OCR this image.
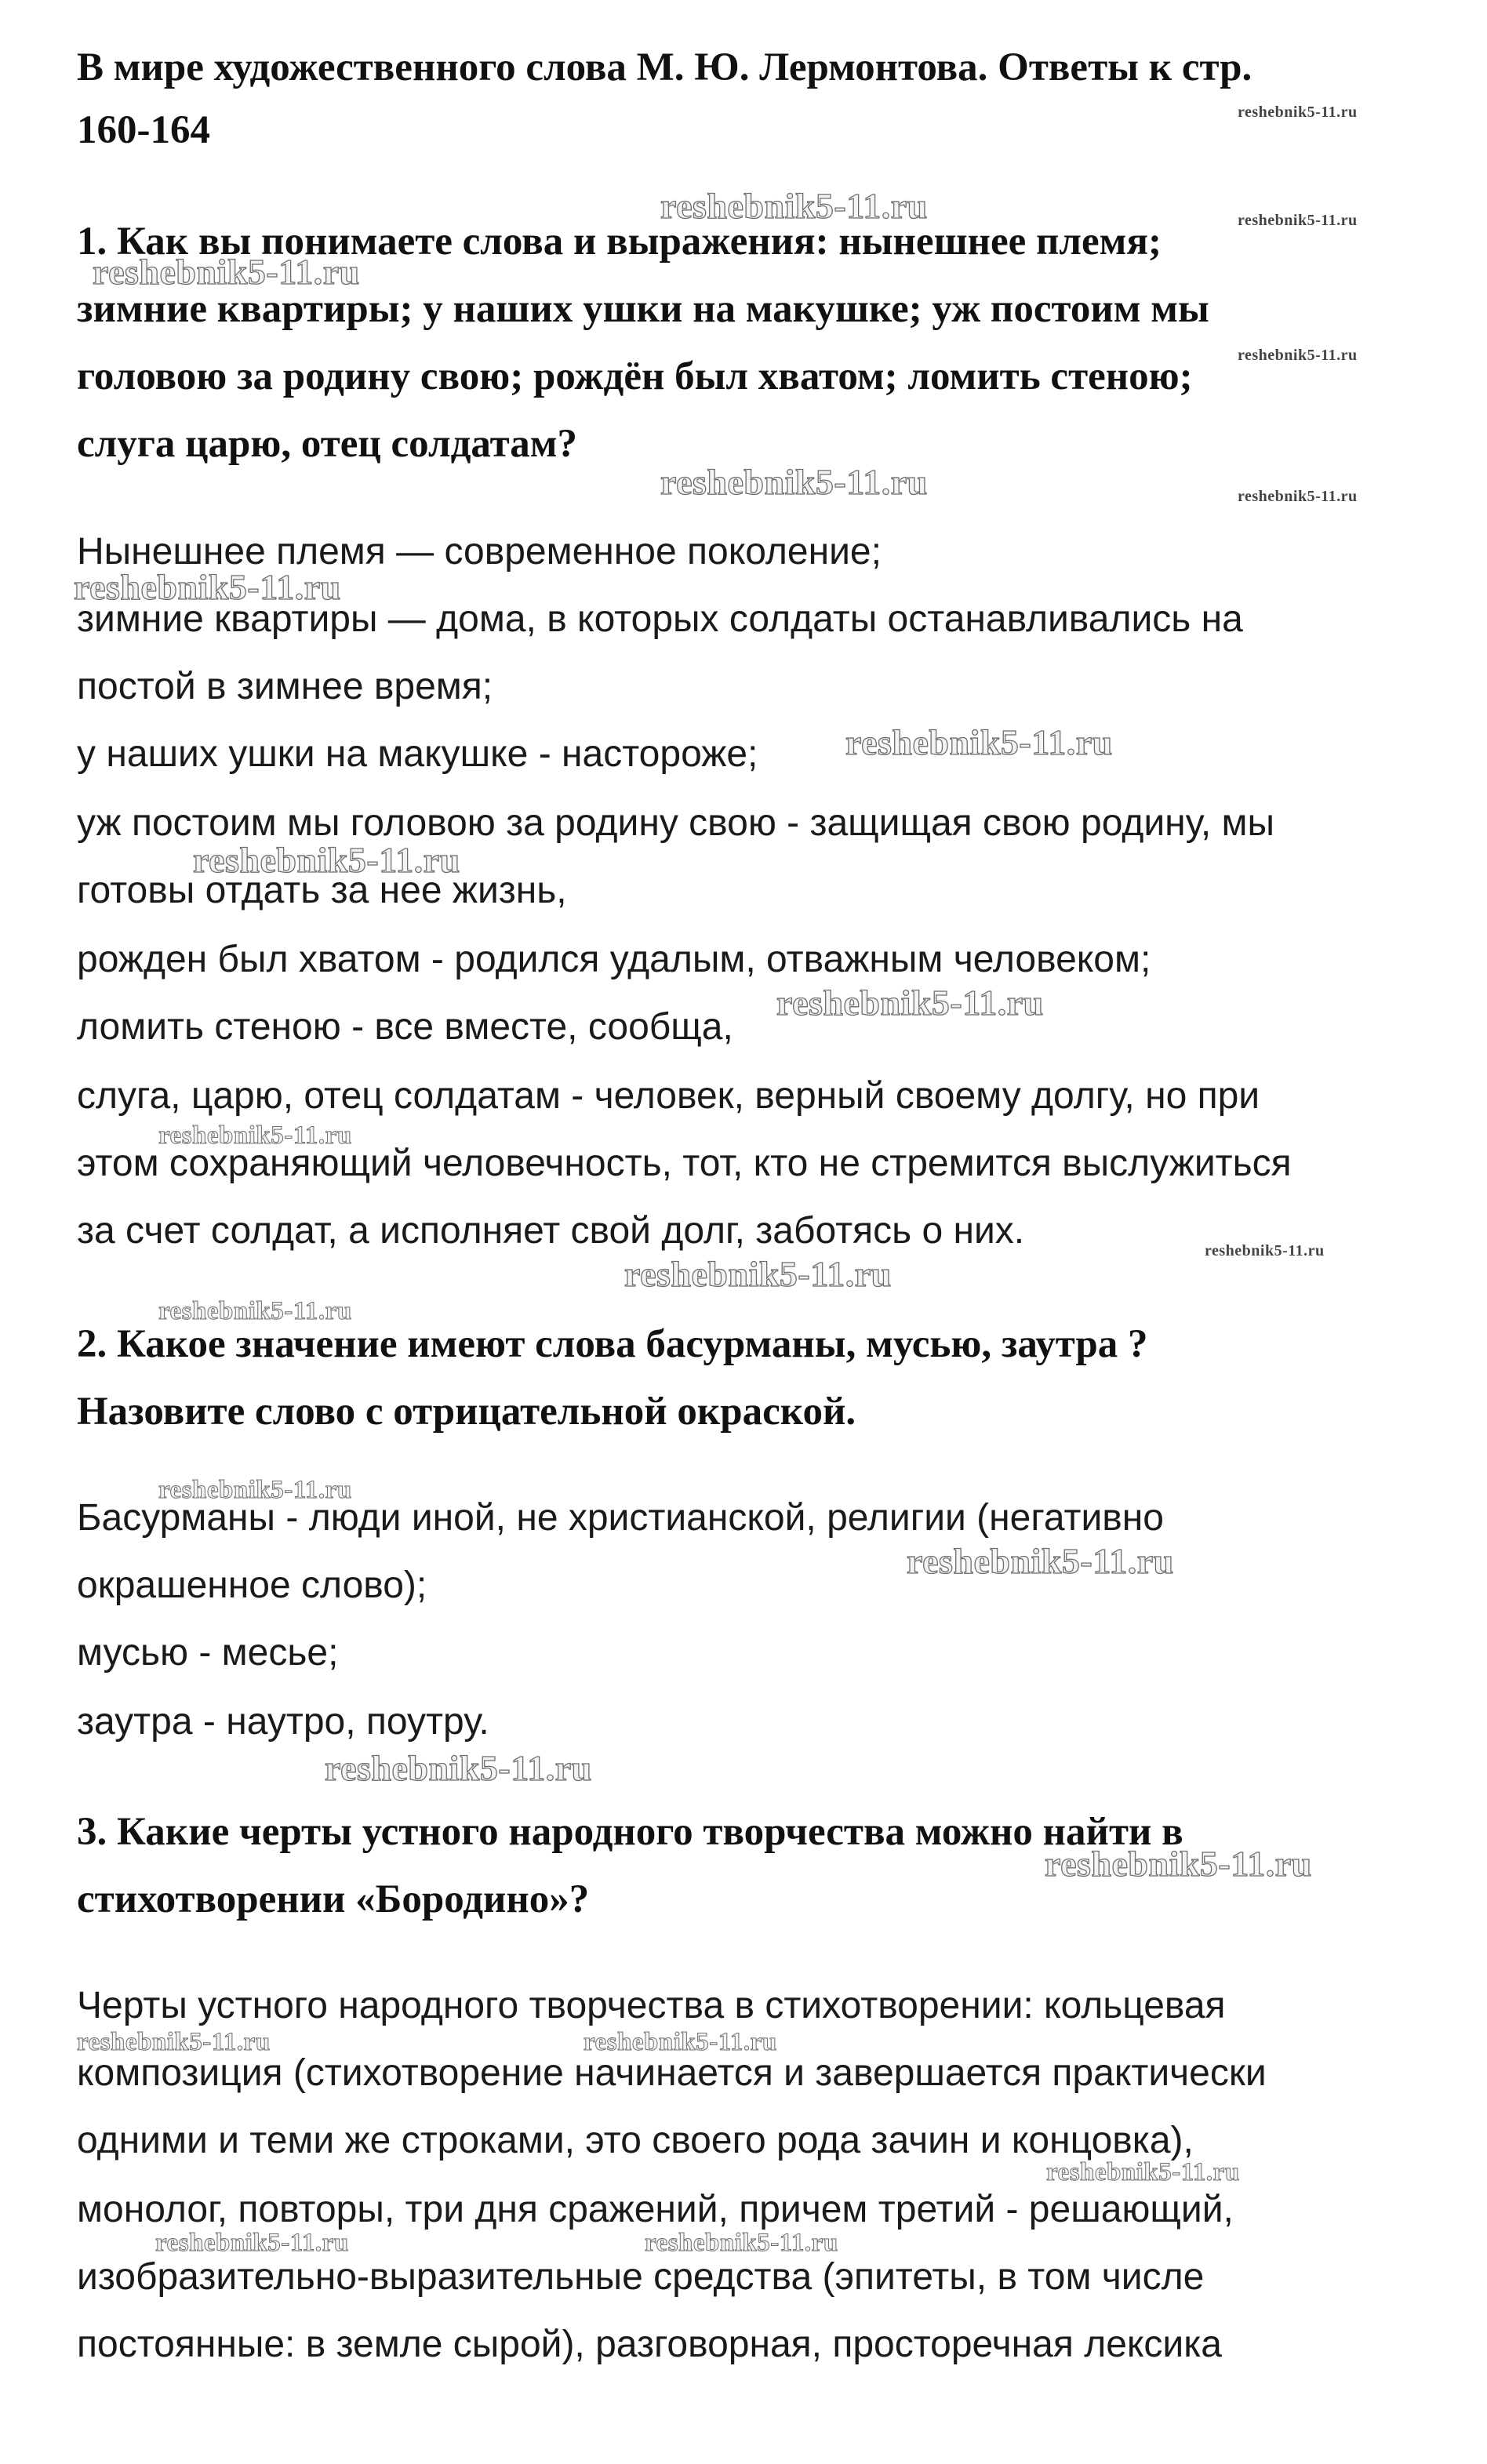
В мире художественного слова М. Ю. Лермонтова. Ответы к стр.
160-164
1. Как вы понимаете слова и выражения: нынешнее племя;
зимние квартиры; у наших ушки на макушке; уж постоим мы
головою за родину свою; рождён был хватом; ломить стеною;
слуга царю, отец солдатам?
Нынешнее племя — современное поколение;
зимние квартиры — дома, в которых солдаты останавливались на
постой в зимнее время;
у наших ушки на макушке - настороже;
уж постоим мы головою за родину свою - защищая свою родину, мы
готовы отдать за нее жизнь,
рожден был хватом - родился удалым, отважным человеком;
ломить стеною - все вместе, сообща,
слуга, царю, отец солдатам - человек, верный своему долгу, но при
этом сохраняющий человечность, тот, кто не стремится выслужиться
за счет солдат, а исполняет свой долг, заботясь о них.
2. Какое значение имеют слова басурманы, мусью, заутра ?
Назовите слово с отрицательной окраской.
Басурманы - люди иной, не христианской, религии (негативно
окрашенное слово);
мусью - месье;
заутра - наутро, поутру.
3. Какие черты устного народного творчества можно найти в
стихотворении «Бородино»?
Черты устного народного творчества в стихотворении: кольцевая
композиция (стихотворение начинается и завершается практически
одними и теми же строками, это своего рода зачин и концовка),
монолог, повторы, три дня сражений, причем третий - решающий,
изобразительно-выразительные средства (эпитеты, в том числе
постоянные: в земле сырой), разговорная, просторечная лексика
reshebnik5-11.ru
reshebnik5-11.ru
reshebnik5-11.ru
reshebnik5-11.ru
reshebnik5-11.ru
reshebnik5-11.ru
reshebnik5-11.ru
reshebnik5-11.ru
reshebnik5-11.ru
reshebnik5-11.ru
reshebnik5-11.ru
reshebnik5-11.ru
reshebnik5-11.ru
reshebnik5-11.ru
reshebnik5-11.ru	reshebnik5-11.ru
reshebnik5-11.ru
reshebnik5-11.ru	reshebnik5-11.ru
reshebnik5-11.ru
reshebnik5-11.ru
reshebnik5-11.ru
reshebnik5-11.ru
reshebnik5-11.ru
